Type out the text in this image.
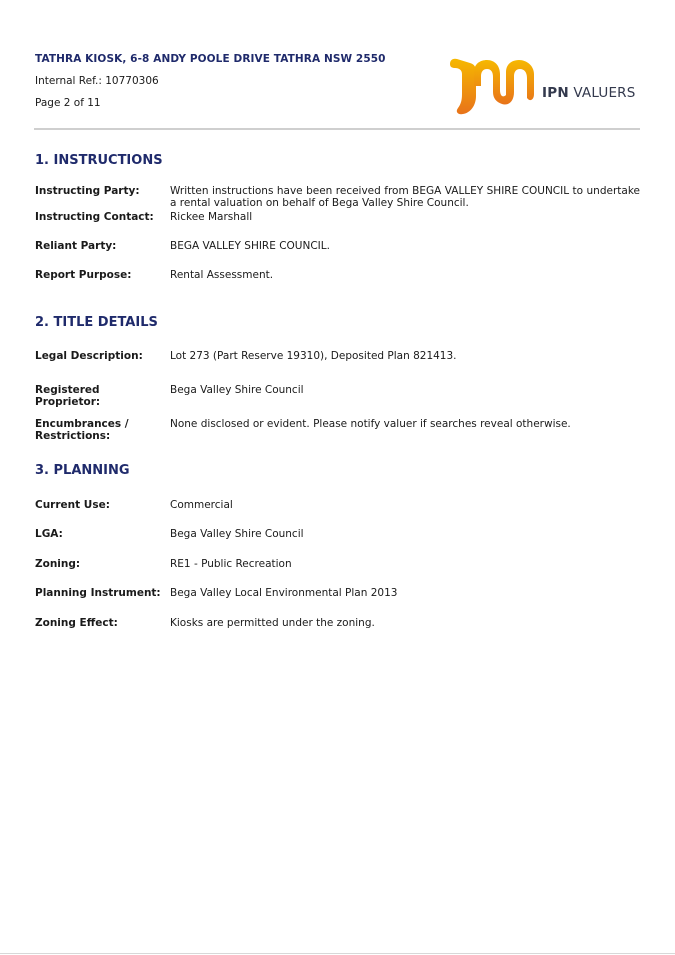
TATHRA KIOSK, 6-8 ANDY POOLE DRIVE TATHRA NSW 2550
Internal Ref.: 10770306
Page 2 of 11
IPN VALUERS
1. INSTRUCTIONS
Instructing Party:	Written instructions have been received from BEGA VALLEY SHIRE COUNCIL to undertake a rental valuation on behalf of Bega Valley Shire Council.
Instructing Contact:	Rickee Marshall
Reliant Party:	BEGA VALLEY SHIRE COUNCIL.
Report Purpose:	Rental Assessment.
2. TITLE DETAILS
Legal Description:	Lot 273 (Part Reserve 19310), Deposited Plan 821413.
Registered Proprietor:
Bega Valley Shire Council
Encumbrances / Restrictions:
None disclosed or evident. Please notify valuer if searches reveal otherwise.
3. PLANNING
Current Use:	Commercial
LGA:	Bega Valley Shire Council
Zoning:	RE1 - Public Recreation
Planning Instrument: Bega Valley Local Environmental Plan 2013
Zoning Effect:	Kiosks are permitted under the zoning.
